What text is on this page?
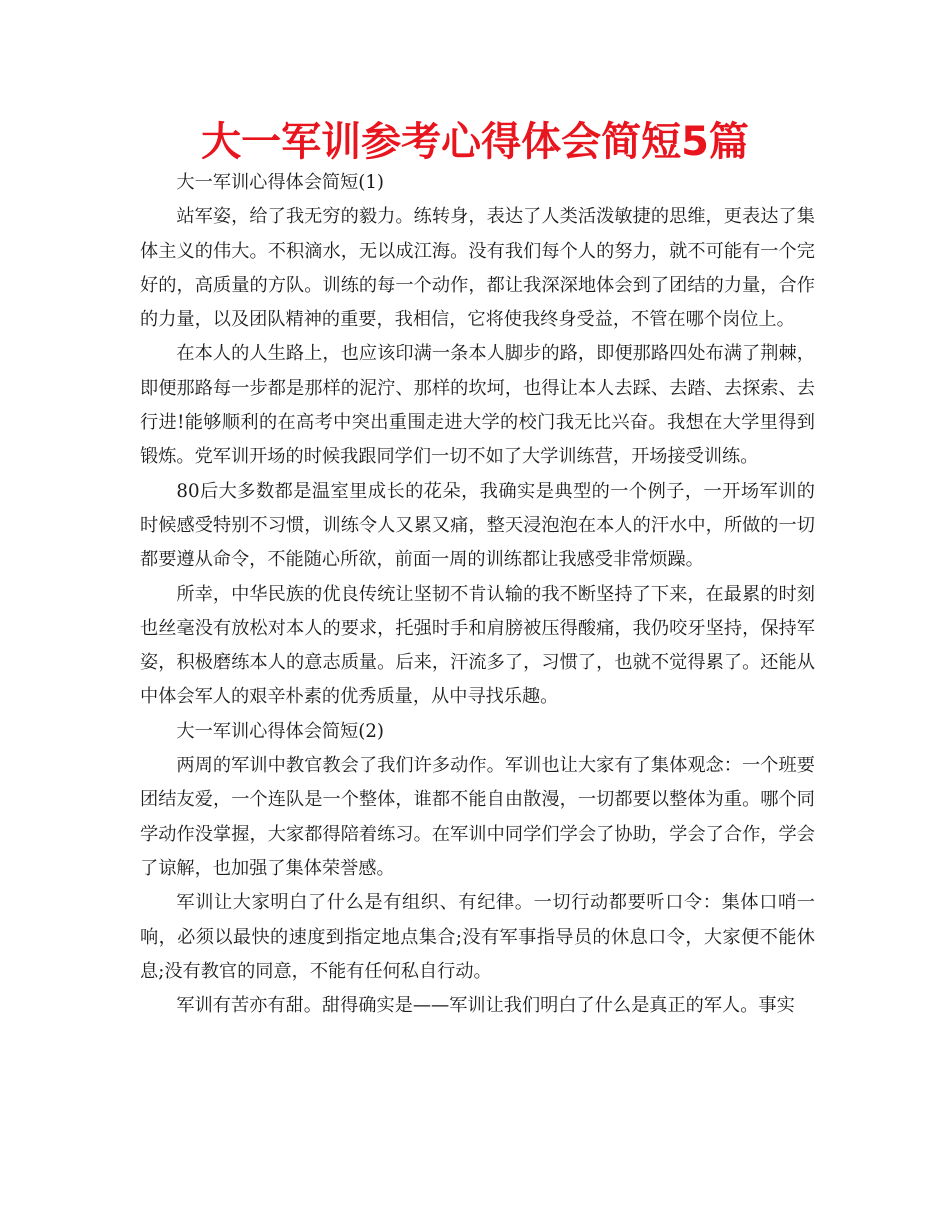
大一军训参考心得体会简短5篇

大一军训心得体会简短(1)

站军姿，给了我无穷的毅力。练转身，表达了人类活泼敏捷的思维，更表达了集体主义的伟大。不积滴水，无以成江海。没有我们每个人的努力，就不可能有一个完好的，高质量的方队。训练的每一个动作，都让我深深地体会到了团结的力量，合作的力量，以及团队精神的重要，我相信，它将使我终身受益，不管在哪个岗位上。

在本人的人生路上，也应该印满一条本人脚步的路，即便那路四处布满了荆棘，即便那路每一步都是那样的泥泞、那样的坎坷，也得让本人去踩、去踏、去探索、去行进!能够顺利的在高考中突出重围走进大学的校门我无比兴奋。我想在大学里得到锻炼。党军训开场的时候我跟同学们一切不如了大学训练营，开场接受训练。

80后大多数都是温室里成长的花朵，我确实是典型的一个例子，一开场军训的时候感受特别不习惯，训练令人又累又痛，整天浸泡泡在本人的汗水中，所做的一切都要遵从命令，不能随心所欲，前面一周的训练都让我感受非常烦躁。

所幸，中华民族的优良传统让坚韧不肯认输的我不断坚持了下来，在最累的时刻也丝毫没有放松对本人的要求，托强时手和肩膀被压得酸痛，我仍咬牙坚持，保持军姿，积极磨练本人的意志质量。后来，汗流多了，习惯了，也就不觉得累了。还能从中体会军人的艰辛朴素的优秀质量，从中寻找乐趣。

大一军训心得体会简短(2)

两周的军训中教官教会了我们许多动作。军训也让大家有了集体观念：一个班要团结友爱，一个连队是一个整体，谁都不能自由散漫，一切都要以整体为重。哪个同学动作没掌握，大家都得陪着练习。在军训中同学们学会了协助，学会了合作，学会了谅解，也加强了集体荣誉感。

军训让大家明白了什么是有组织、有纪律。一切行动都要听口令：集体口哨一响，必须以最快的速度到指定地点集合;没有军事指导员的休息口令，大家便不能休息;没有教官的同意，不能有任何私自行动。

军训有苦亦有甜。甜得确实是——军训让我们明白了什么是真正的军人。事实
